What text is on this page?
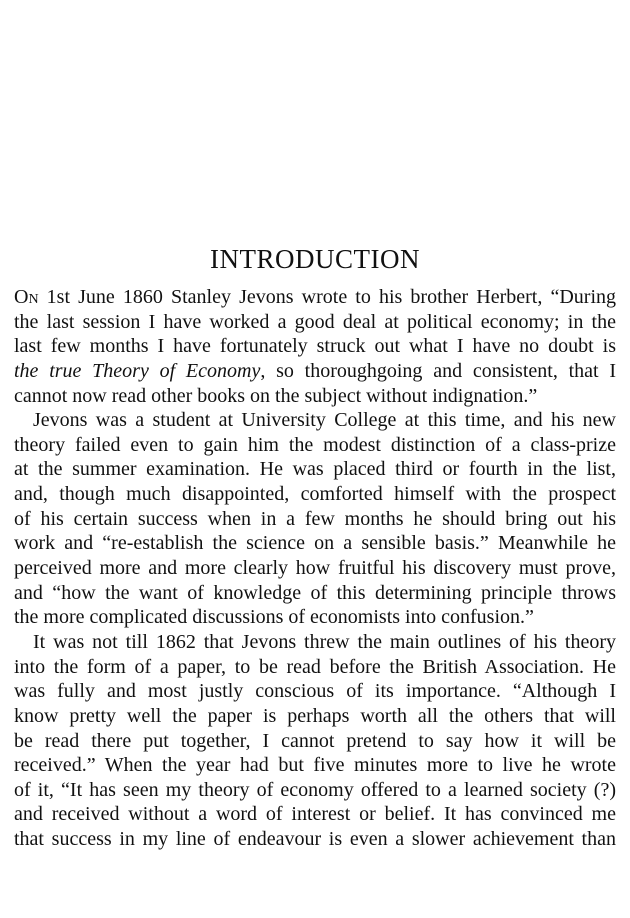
INTRODUCTION
On 1st June 1860 Stanley Jevons wrote to his brother Herbert, “During
the last session I have worked a good deal at political economy; in the
last few months I have fortunately struck out what I have no doubt is
the true Theory of Economy, so thoroughgoing and consistent, that I
cannot now read other books on the subject without indignation.”
Jevons was a student at University College at this time, and his new
theory failed even to gain him the modest distinction of a class-prize
at the summer examination. He was placed third or fourth in the list,
and, though much disappointed, comforted himself with the prospect
of his certain success when in a few months he should bring out his
work and “re-establish the science on a sensible basis.” Meanwhile he
perceived more and more clearly how fruitful his discovery must prove,
and “how the want of knowledge of this determining principle throws
the more complicated discussions of economists into confusion.”
It was not till 1862 that Jevons threw the main outlines of his theory
into the form of a paper, to be read before the British Association. He
was fully and most justly conscious of its importance. “Although I
know pretty well the paper is perhaps worth all the others that will
be read there put together, I cannot pretend to say how it will be
received.” When the year had but five minutes more to live he wrote
of it, “It has seen my theory of economy offered to a learned society (?)
and received without a word of interest or belief. It has convinced me
that success in my line of endeavour is even a slower achievement than
